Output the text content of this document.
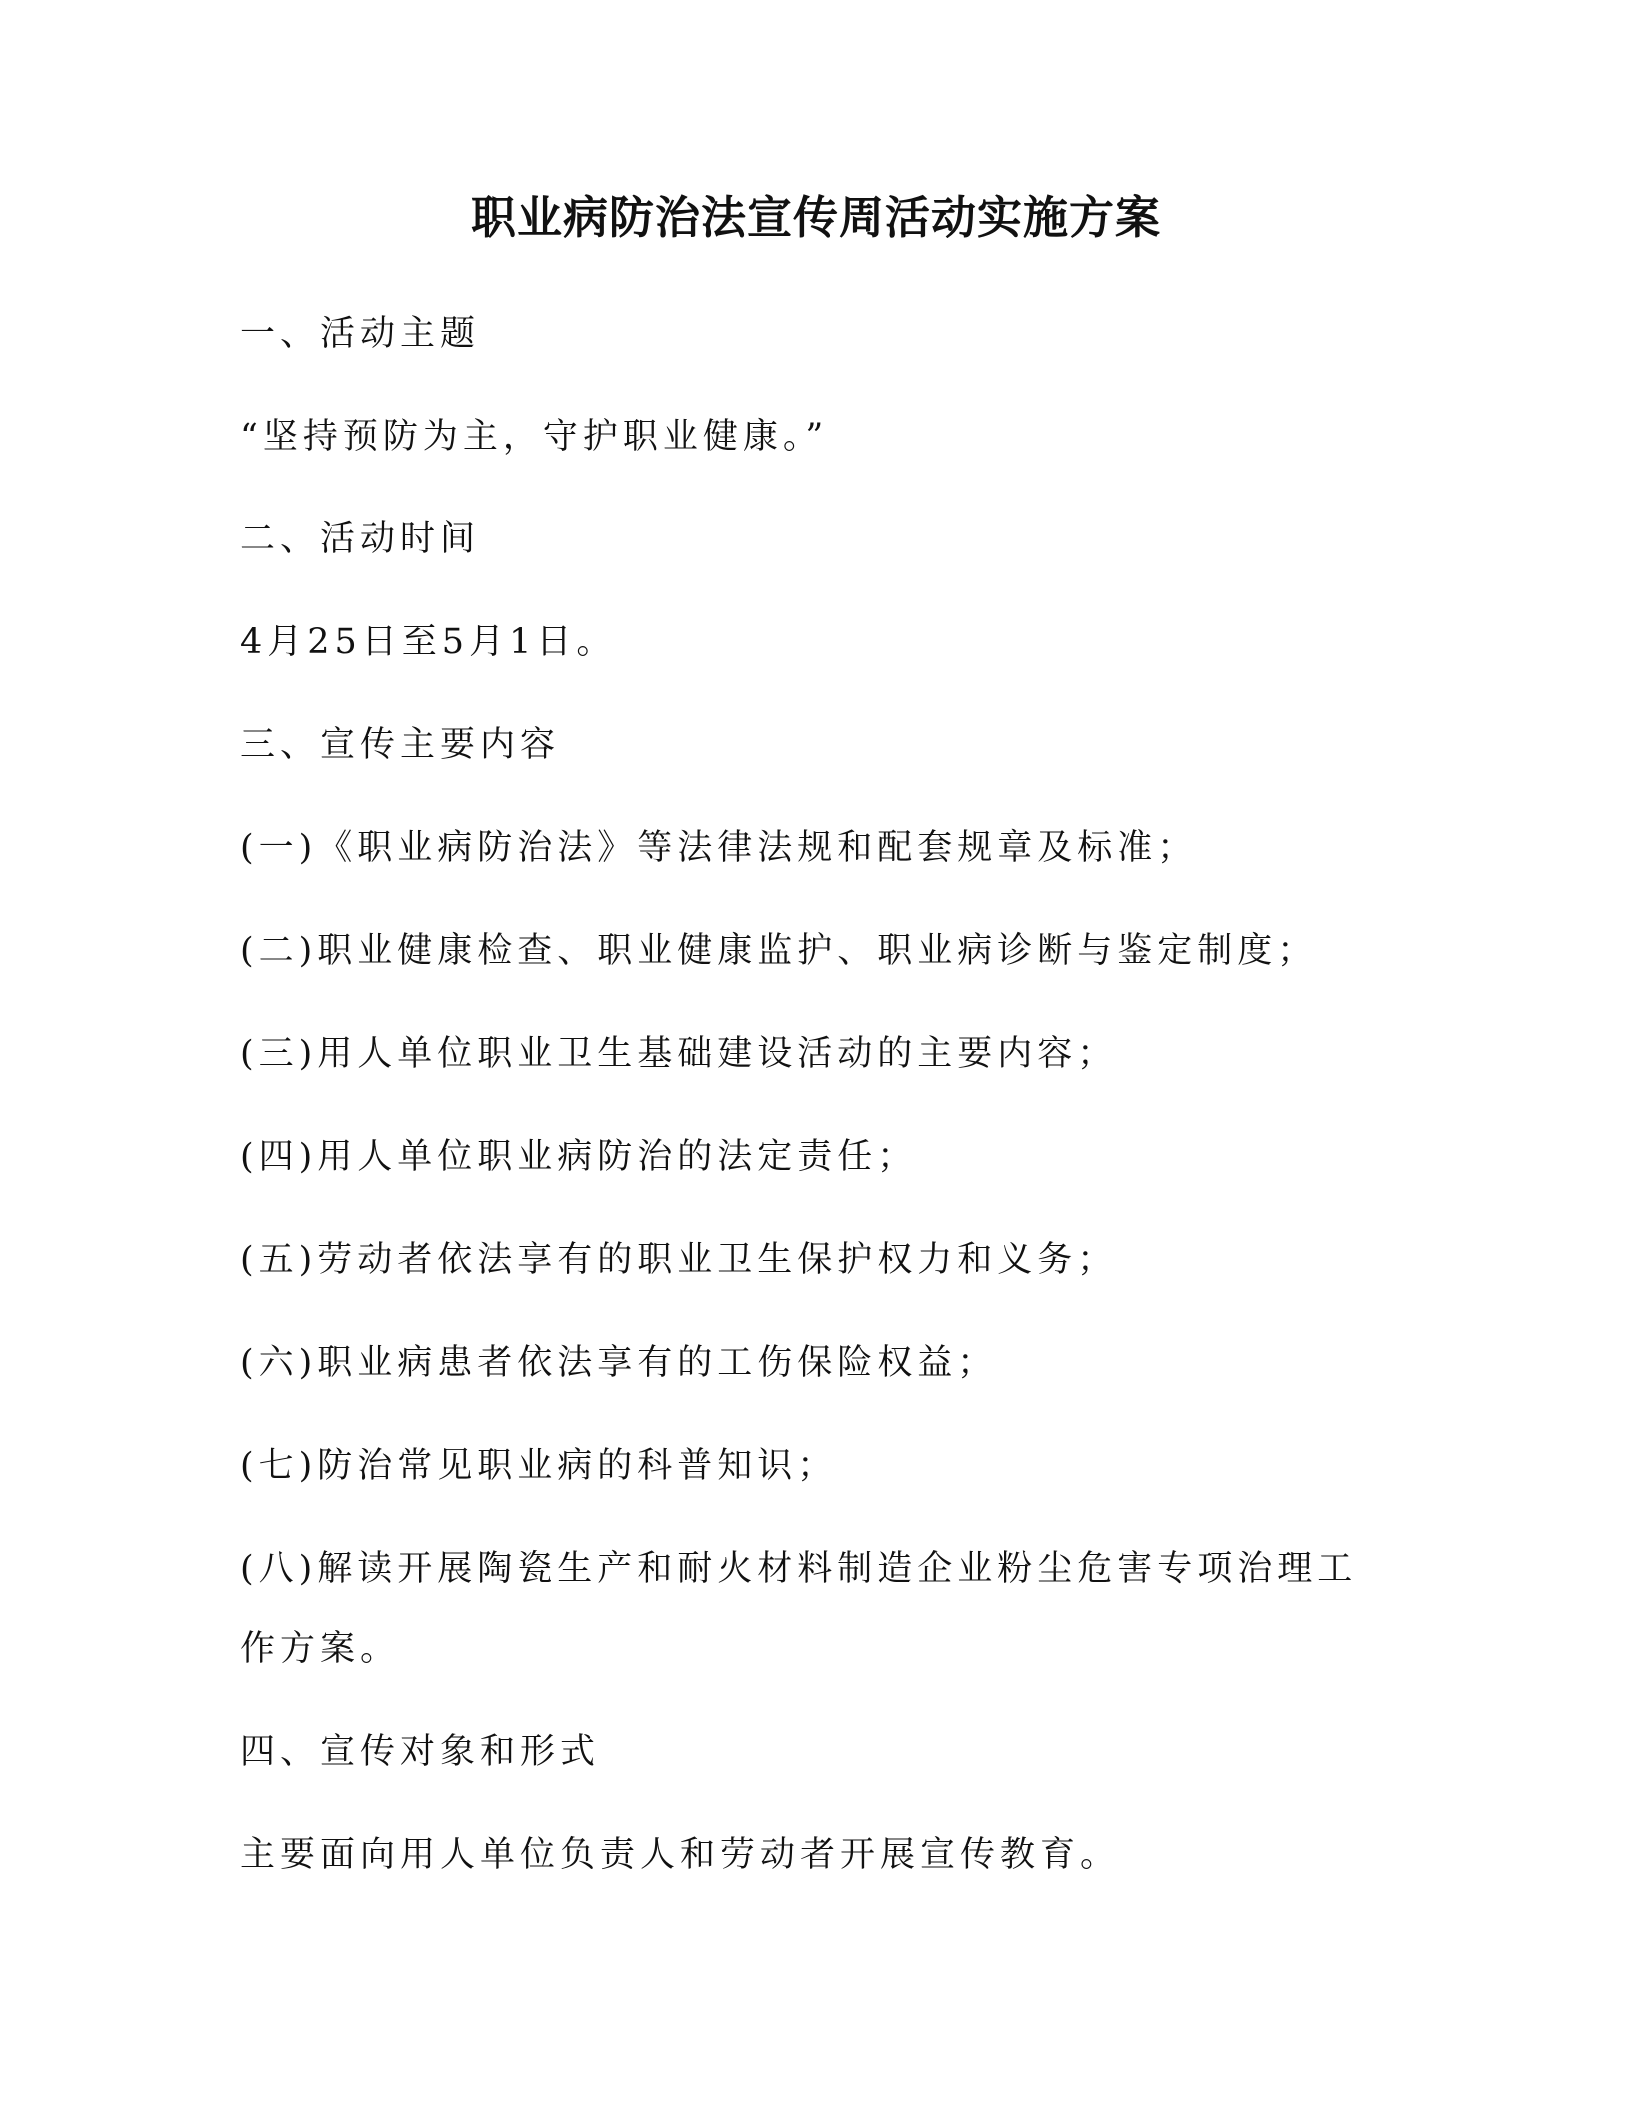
职业病防治法宣传周活动实施方案
一、活动主题
“坚持预防为主，守护职业健康。”
二、活动时间
4月25日至5月1日。
三、宣传主要内容
(一)《职业病防治法》等法律法规和配套规章及标准；
(二)职业健康检查、职业健康监护、职业病诊断与鉴定制度；
(三)用人单位职业卫生基础建设活动的主要内容；
(四)用人单位职业病防治的法定责任；
(五)劳动者依法享有的职业卫生保护权力和义务；
(六)职业病患者依法享有的工伤保险权益；
(七)防治常见职业病的科普知识；
(八)解读开展陶瓷生产和耐火材料制造企业粉尘危害专项治理工
作方案。
四、宣传对象和形式
主要面向用人单位负责人和劳动者开展宣传教育。
